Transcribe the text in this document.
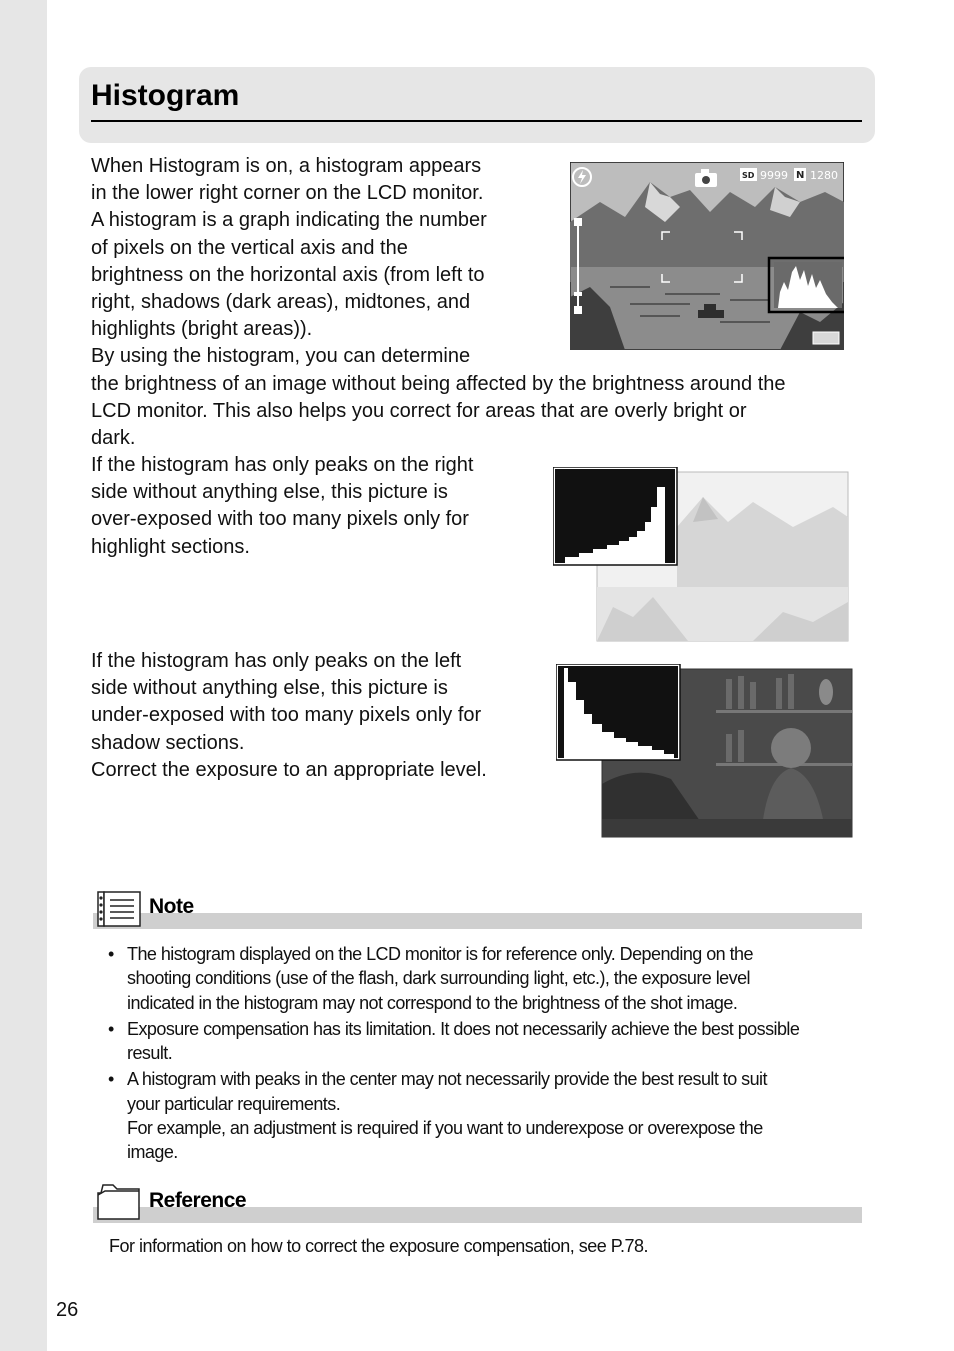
Histogram
When Histogram is on, a histogram appears
in the lower right corner on the LCD monitor.
A histogram is a graph indicating the number
of pixels on the vertical axis and the
brightness on the horizontal axis (from left to
right, shadows (dark areas), midtones, and
highlights (bright areas)).
By using the histogram, you can determine
the brightness of an image without being affected by the brightness around the
LCD monitor. This also helps you correct for areas that are overly bright or
dark.
SD 9999 N 1280
If the histogram has only peaks on the right
side without anything else, this picture is
over-exposed with too many pixels only for
highlight sections.
If the histogram has only peaks on the left
side without anything else, this picture is
under-exposed with too many pixels only for
shadow sections.
Correct the exposure to an appropriate level.
Note
• The histogram displayed on the LCD monitor is for reference only. Depending on the
shooting conditions (use of the flash, dark surrounding light, etc.), the exposure level
indicated in the histogram may not correspond to the brightness of the shot image.
• Exposure compensation has its limitation. It does not necessarily achieve the best possible
result.
• A histogram with peaks in the center may not necessarily provide the best result to suit
your particular requirements.
For example, an adjustment is required if you want to underexpose or overexpose the
image.
Reference

For information on how to correct the exposure compensation, see P.78.

26
